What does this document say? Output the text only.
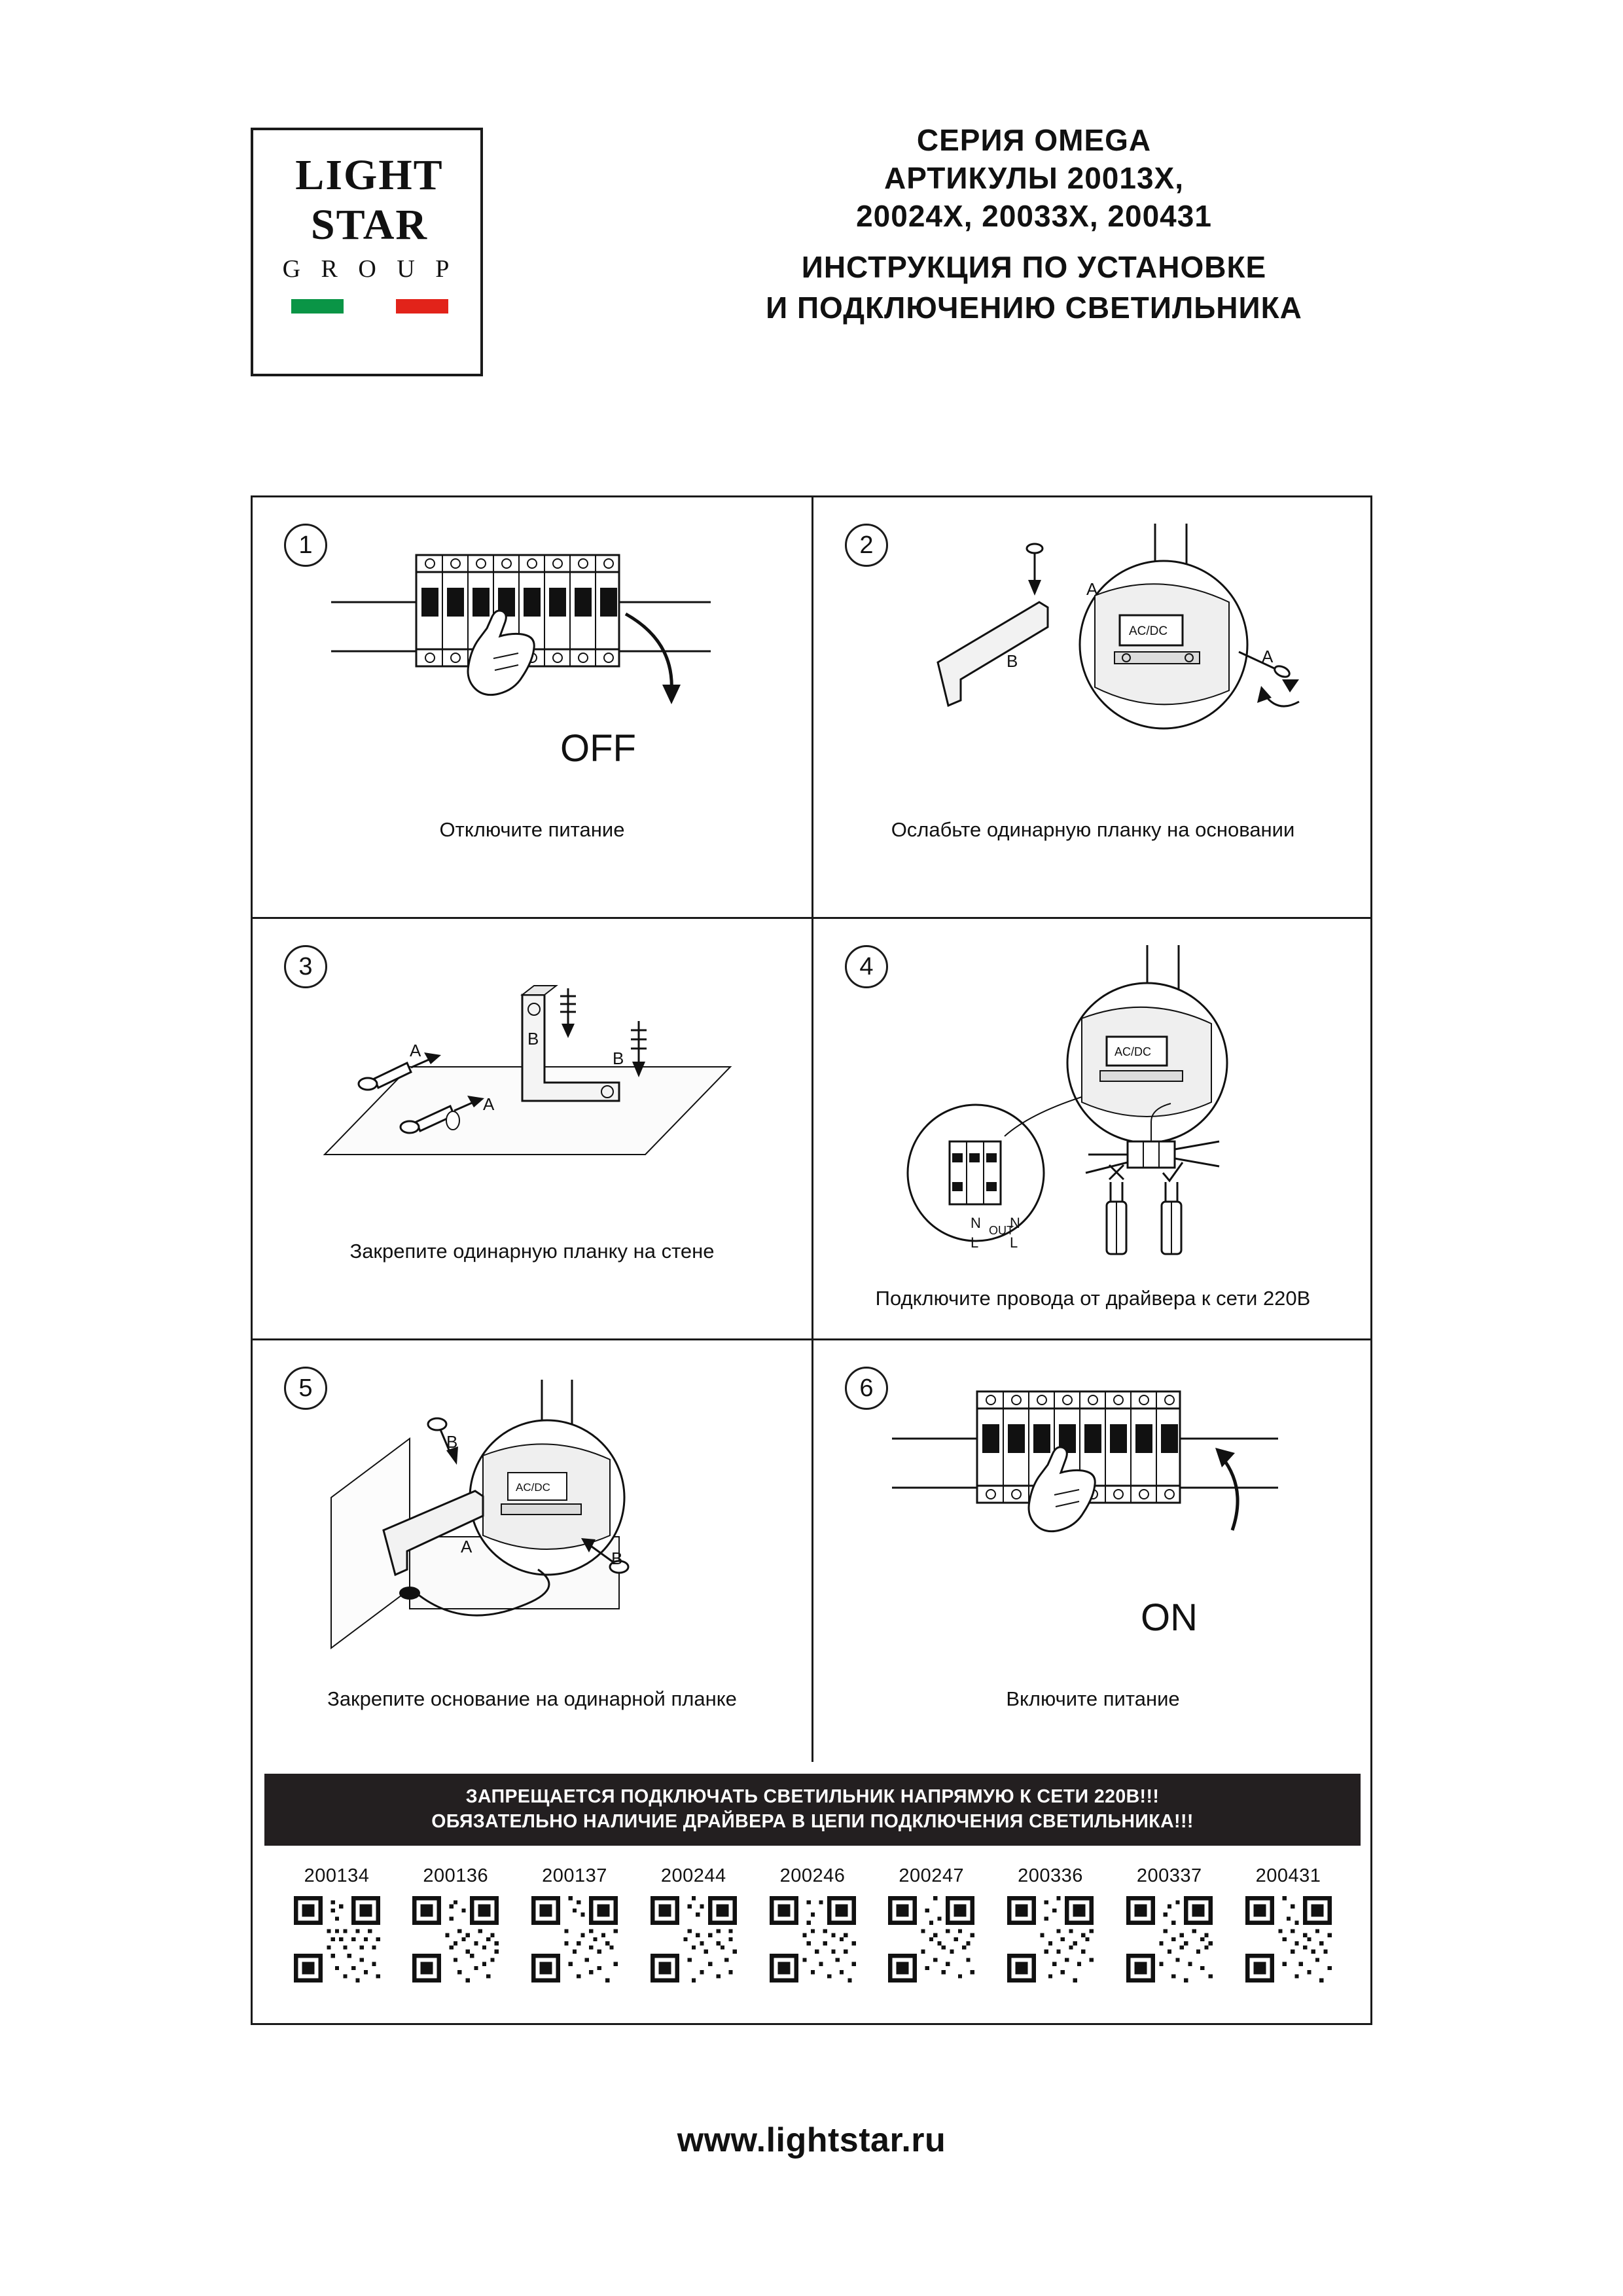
LIGHT
STAR
G R O U P
СЕРИЯ OMEGA
АРТИКУЛЫ 20013Х,
20024Х, 20033Х, 200431
ИНСТРУКЦИЯ ПО УСТАНОВКЕ
И ПОДКЛЮЧЕНИЮ СВЕТИЛЬНИКА
1
OFF
Отключите питание
2
AC/DC
A
B	A
Ослабьте одинарную планку на основании
3
A
B
B
A
Закрепите одинарную планку на стене
4
AC/DC
N
L
OUT
N
L
Подключите провода от драйвера к сети 220В
5
AC/DC
B
A
B
Закрепите основание на одинарной планке
6
ON
Включите питание
ЗАПРЕЩАЕТСЯ ПОДКЛЮЧАТЬ СВЕТИЛЬНИК НАПРЯМУЮ К СЕТИ 220В!!!
ОБЯЗАТЕЛЬНО НАЛИЧИЕ ДРАЙВЕРА В ЦЕПИ ПОДКЛЮЧЕНИЯ СВЕТИЛЬНИКА!!!
200134	200136	200137	200244	200246	200247	200336	200337	200431
www.lightstar.ru
